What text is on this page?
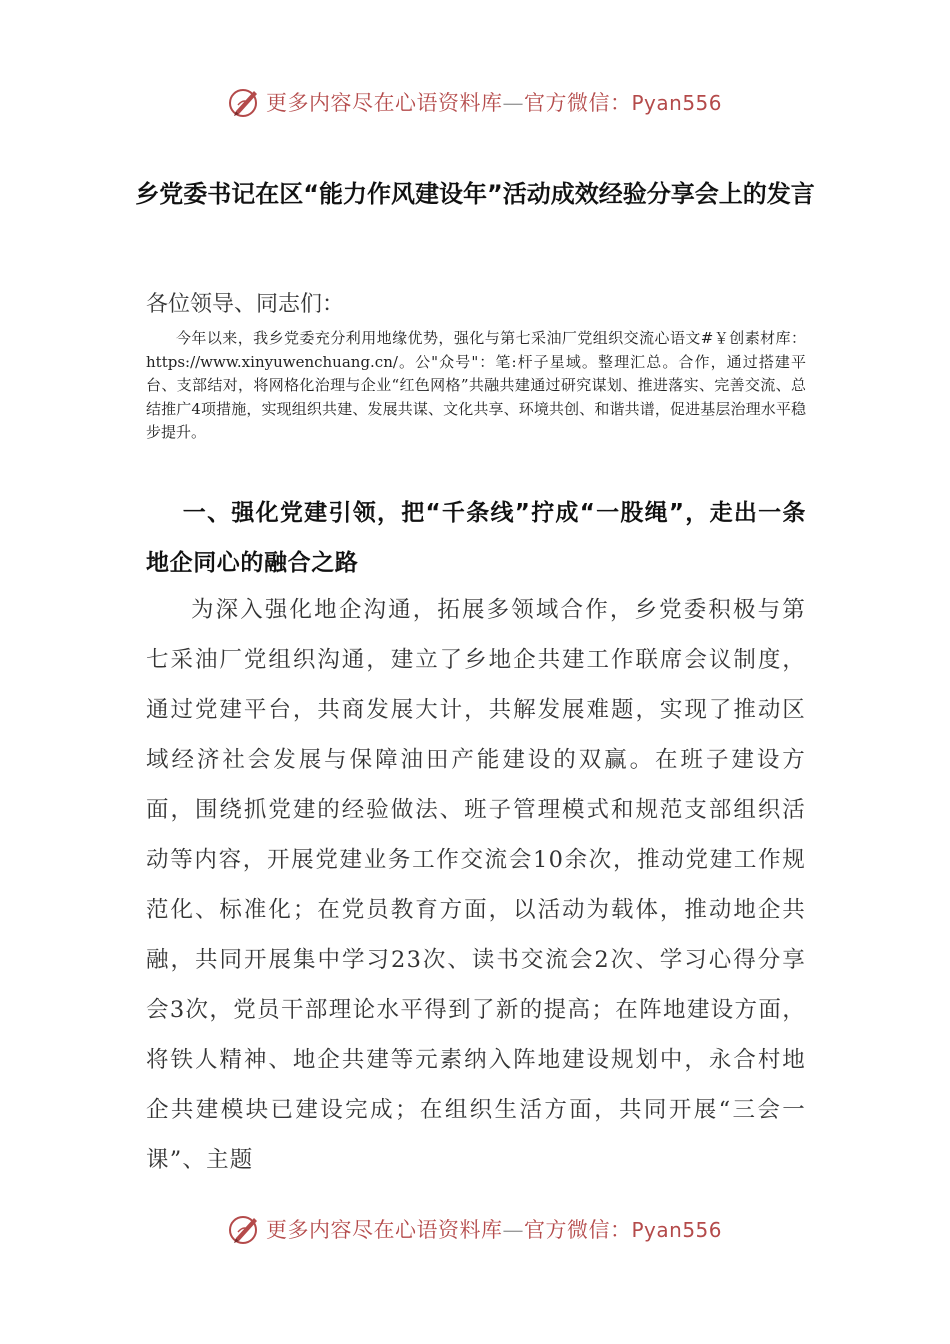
更多内容尽在心语资料库—官方微信：Pyan556
乡党委书记在区“能力作风建设年”活动成效经验分享会上的发言
各位领导、同志们：
今年以来，我乡党委充分利用地缘优势，强化与第七采油厂党组织交流心语文#￥创素材库：https://www.xinyuwenchuang.cn/。公"众号"：笔:杆子星域。整理汇总。合作，通过搭建平台、支部结对，将网格化治理与企业“红色网格”共融共建通过研究谋划、推进落实、完善交流、总结推广4项措施，实现组织共建、发展共谋、文化共享、环境共创、和谐共谱，促进基层治理水平稳步提升。
一、强化党建引领，把“千条线”拧成“一股绳”，走出一条地企同心的融合之路
为深入强化地企沟通，拓展多领域合作，乡党委积极与第七采油厂党组织沟通，建立了乡地企共建工作联席会议制度，通过党建平台，共商发展大计，共解发展难题，实现了推动区域经济社会发展与保障油田产能建设的双赢。在班子建设方面，围绕抓党建的经验做法、班子管理模式和规范支部组织活动等内容，开展党建业务工作交流会10余次，推动党建工作规范化、标准化；在党员教育方面，以活动为载体，推动地企共融，共同开展集中学习23次、读书交流会2次、学习心得分享会3次，党员干部理论水平得到了新的提高；在阵地建设方面，将铁人精神、地企共建等元素纳入阵地建设规划中，永合村地企共建模块已建设完成；在组织生活方面，共同开展“三会一课”、主题
更多内容尽在心语资料库—官方微信：Pyan556
